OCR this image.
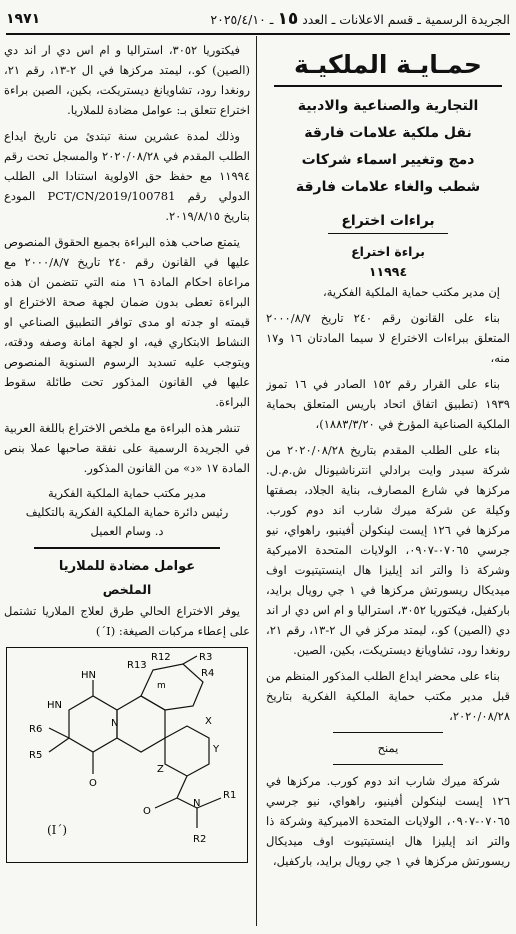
الجريدة الرسمية ـ قسم الاعلانات ـ العدد ١٥ ـ ٢٠٢٥/٤/١٠
١٩٧١
حمـايـة الملكيـة
التجارية والصناعية والادبية
نقل ملكية علامات فارقة
دمج وتغيير اسماء شركات
شطب والغاء علامات فارقة
براءات اختراع
براءة اختراع
١١٩٩٤

إن مدير مكتب حماية الملكية الفكرية،

بناء على القانون رقم ٢٤٠ تاريخ ٢٠٠٠/٨/٧ المتعلق ببراءات الاختراع لا سيما المادتان ١٦ و١٧ منه،

بناء على القرار رقم ١٥٢ الصادر في ١٦ تموز ١٩٣٩ (تطبيق اتفاق اتحاد باريس المتعلق بحماية الملكية الصناعية المؤرخ في ١٨٨٣/٣/٢٠)،

بناء على الطلب المقدم بتاريخ ٢٠٢٠/٠٨/٢٨ من شركة سيدر وايت برادلي انترناشيونال ش.م.ل. مركزها في شارع المصارف، بناية الجلاد، بصفتها وكيلة عن شركة ميرك شارب اند دوم كورب. مركزها في ١٢٦ إيست لينكولن أفينيو، راهواي، نيو جرسي ٠٧٠٦٥-٠٩٠٧، الولايات المتحدة الاميركية وشركة ذا والتر اند إيليزا هال اينستيتيوت اوف ميديكال ريسورتش مركزها في ١ جي رويال برايد، باركفيل، فيكتوريا ٣٠٥٢، استراليا و ام اس دي ار اند دي (الصين) كو.، ليمتد مركز في ال ٢-١٣، رقم ٢١، رونغدا رود، تشاويانغ ديستريكت، بكين، الصين.

بناء على محضر ايداع الطلب المذكور المنظم من قبل مدير مكتب حماية الملكية الفكرية بتاريخ ٢٠٢٠/٠٨/٢٨،

يمنح

شركة ميرك شارب اند دوم كورب. مركزها في ١٢٦ إيست لينكولن أفينيو، راهواي، نيو جرسي ٠٧٠٦٥-٠٩٠٧، الولايات المتحدة الاميركية وشركة ذا والتر اند إيليزا هال اينستيتيوت اوف ميديكال ريسورتش مركزها في ١ جي رويال برايد، باركفيل،

فيكتوريا ٣٠٥٢، استراليا و ام اس دي ار اند دي (الصين) كو.، ليمتد مركزها في ال ٢-١٣، رقم ٢١، رونغدا رود، تشاويانغ ديستريكت، بكين، الصين براءة اختراع تتعلق بـ: عوامل مضادة للملاريا.

وذلك لمدة عشرين سنة تبتدئ من تاريخ ايداع الطلب المقدم في ٢٠٢٠/٠٨/٢٨ والمسجل تحت رقم ١١٩٩٤ مع حفظ حق الاولوية استنادا الى الطلب الدولي رقم PCT/CN/2019/100781 المودع بتاريخ ٢٠١٩/٨/١٥.

يتمتع صاحب هذه البراءة بجميع الحقوق المنصوص عليها في القانون رقم ٢٤٠ تاريخ ٢٠٠٠/٨/٧ مع مراعاة احكام المادة ١٦ منه التي تتضمن ان هذه البراءة تعطى بدون ضمان لجهة صحة الاختراع او قيمته او جدته او مدى توافر التطبيق الصناعي او النشاط الابتكاري فيه، او لجهة امانة وصفه ودقته، ويتوجب عليه تسديد الرسوم السنوية المنصوص عليها في القانون المذكور تحت طائلة سقوط البراءة.

تنشر هذه البراءة مع ملخص الاختراع باللغة العربية في الجريدة الرسمية على نفقة صاحبها عملا بنص المادة ١٧ «د» من القانون المذكور.

مدير مكتب حماية الملكية الفكرية
رئيس دائرة حماية الملكية الفكرية بالتكليف
د. وسام العميل
عوامل مضادة للملاريا
الملخص

يوفر الاختراع الحالي طرق لعلاج الملاريا تشتمل على إعطاء مركبات الصيغة: (I´)

R13
R12	R3
R4
R5
R6
HN
HN
N
O
X
Y
Z
N
R1
R2
O
m
(I´)
